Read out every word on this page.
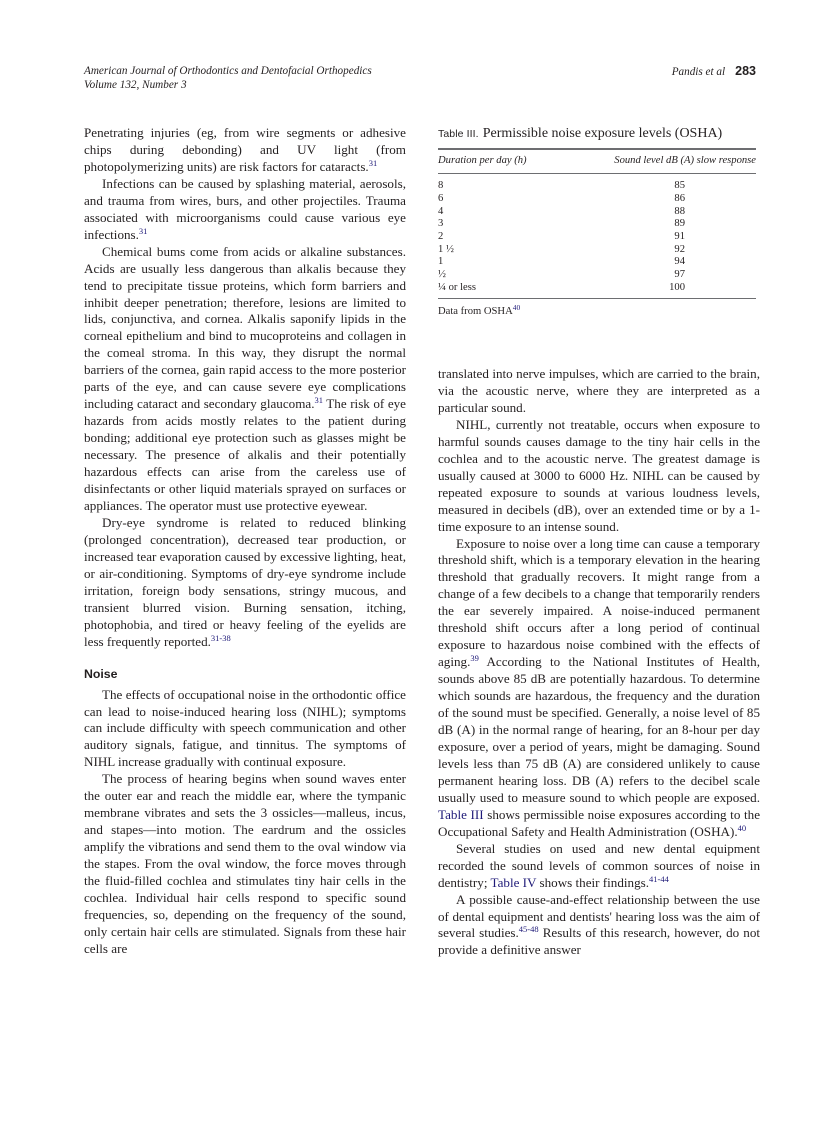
American Journal of Orthodontics and Dentofacial Orthopedics
Volume 132, Number 3
Pandis et al 283

Penetrating injuries (eg, from wire segments or adhesive chips during debonding) and UV light (from photopolymerizing units) are risk factors for cataracts.$^{31}$

Infections can be caused by splashing material, aerosols, and trauma from wires, burs, and other projectiles. Trauma associated with microorganisms could cause various eye infections.$^{31}$

Chemical bums come from acids or alkaline substances. Acids are usually less dangerous than alkalis because they tend to precipitate tissue proteins, which form barriers and inhibit deeper penetration; therefore, lesions are limited to lids, conjunctiva, and cornea. Alkalis saponify lipids in the corneal epithelium and bind to mucoproteins and collagen in the comeal stroma. In this way, they disrupt the normal barriers of the cornea, gain rapid access to the more posterior parts of the eye, and can cause severe eye complications including cataract and secondary glaucoma.$^{31}$ The risk of eye hazards from acids mostly relates to the patient during bonding; additional eye protection such as glasses might be necessary. The presence of alkalis and their potentially hazardous effects can arise from the careless use of disinfectants or other liquid materials sprayed on surfaces or appliances. The operator must use protective eyewear.

Dry-eye syndrome is related to reduced blinking (prolonged concentration), decreased tear production, or increased tear evaporation caused by excessive lighting, heat, or air-conditioning. Symptoms of dry-eye syndrome include irritation, foreign body sensations, stringy mucous, and transient blurred vision. Burning sensation, itching, photophobia, and tired or heavy feeling of the eyelids are less frequently reported.$^{31-38}$

Noise

The effects of occupational noise in the orthodontic office can lead to noise-induced hearing loss (NIHL); symptoms can include difficulty with speech communication and other auditory signals, fatigue, and tinnitus. The symptoms of NIHL increase gradually with continual exposure.

The process of hearing begins when sound waves enter the outer ear and reach the middle ear, where the tympanic membrane vibrates and sets the 3 ossicles—malleus, incus, and stapes—into motion. The eardrum and the ossicles amplify the vibrations and send them to the oval window via the stapes. From the oval window, the force moves through the fluid-filled cochlea and stimulates tiny hair cells in the cochlea. Individual hair cells respond to specific sound frequencies, so, depending on the frequency of the sound, only certain hair cells are stimulated. Signals from these hair cells are

Table III. Permissible noise exposure levels (OSHA)
Duration per day (h)	Sound level dB (A) slow response

8	85
6	86
4	88
3	89
2	91
1 ½	92
1	94
½	97
¼ or less	100
Data from OSHA$^{40}$

translated into nerve impulses, which are carried to the brain, via the acoustic nerve, where they are interpreted as a particular sound.

NIHL, currently not treatable, occurs when exposure to harmful sounds causes damage to the tiny hair cells in the cochlea and to the acoustic nerve. The greatest damage is usually caused at 3000 to 6000 Hz. NIHL can be caused by repeated exposure to sounds at various loudness levels, measured in decibels (dB), over an extended time or by a 1-time exposure to an intense sound.

Exposure to noise over a long time can cause a temporary threshold shift, which is a temporary elevation in the hearing threshold that gradually recovers. It might range from a change of a few decibels to a change that temporarily renders the ear severely impaired. A noise-induced permanent threshold shift occurs after a long period of continual exposure to hazardous noise combined with the effects of aging.$^{39}$ According to the National Institutes of Health, sounds above 85 dB are potentially hazardous. To determine which sounds are hazardous, the frequency and the duration of the sound must be specified. Generally, a noise level of 85 dB (A) in the normal range of hearing, for an 8-hour per day exposure, over a period of years, might be damaging. Sound levels less than 75 dB (A) are considered unlikely to cause permanent hearing loss. DB (A) refers to the decibel scale usually used to measure sound to which people are exposed. Table III shows permissible noise exposures according to the Occupational Safety and Health Administration (OSHA).$^{40}$

Several studies on used and new dental equipment recorded the sound levels of common sources of noise in dentistry; Table IV shows their findings.$^{41-44}$

A possible cause-and-effect relationship between the use of dental equipment and dentists' hearing loss was the aim of several studies.$^{45-48}$ Results of this research, however, do not provide a definitive answer
